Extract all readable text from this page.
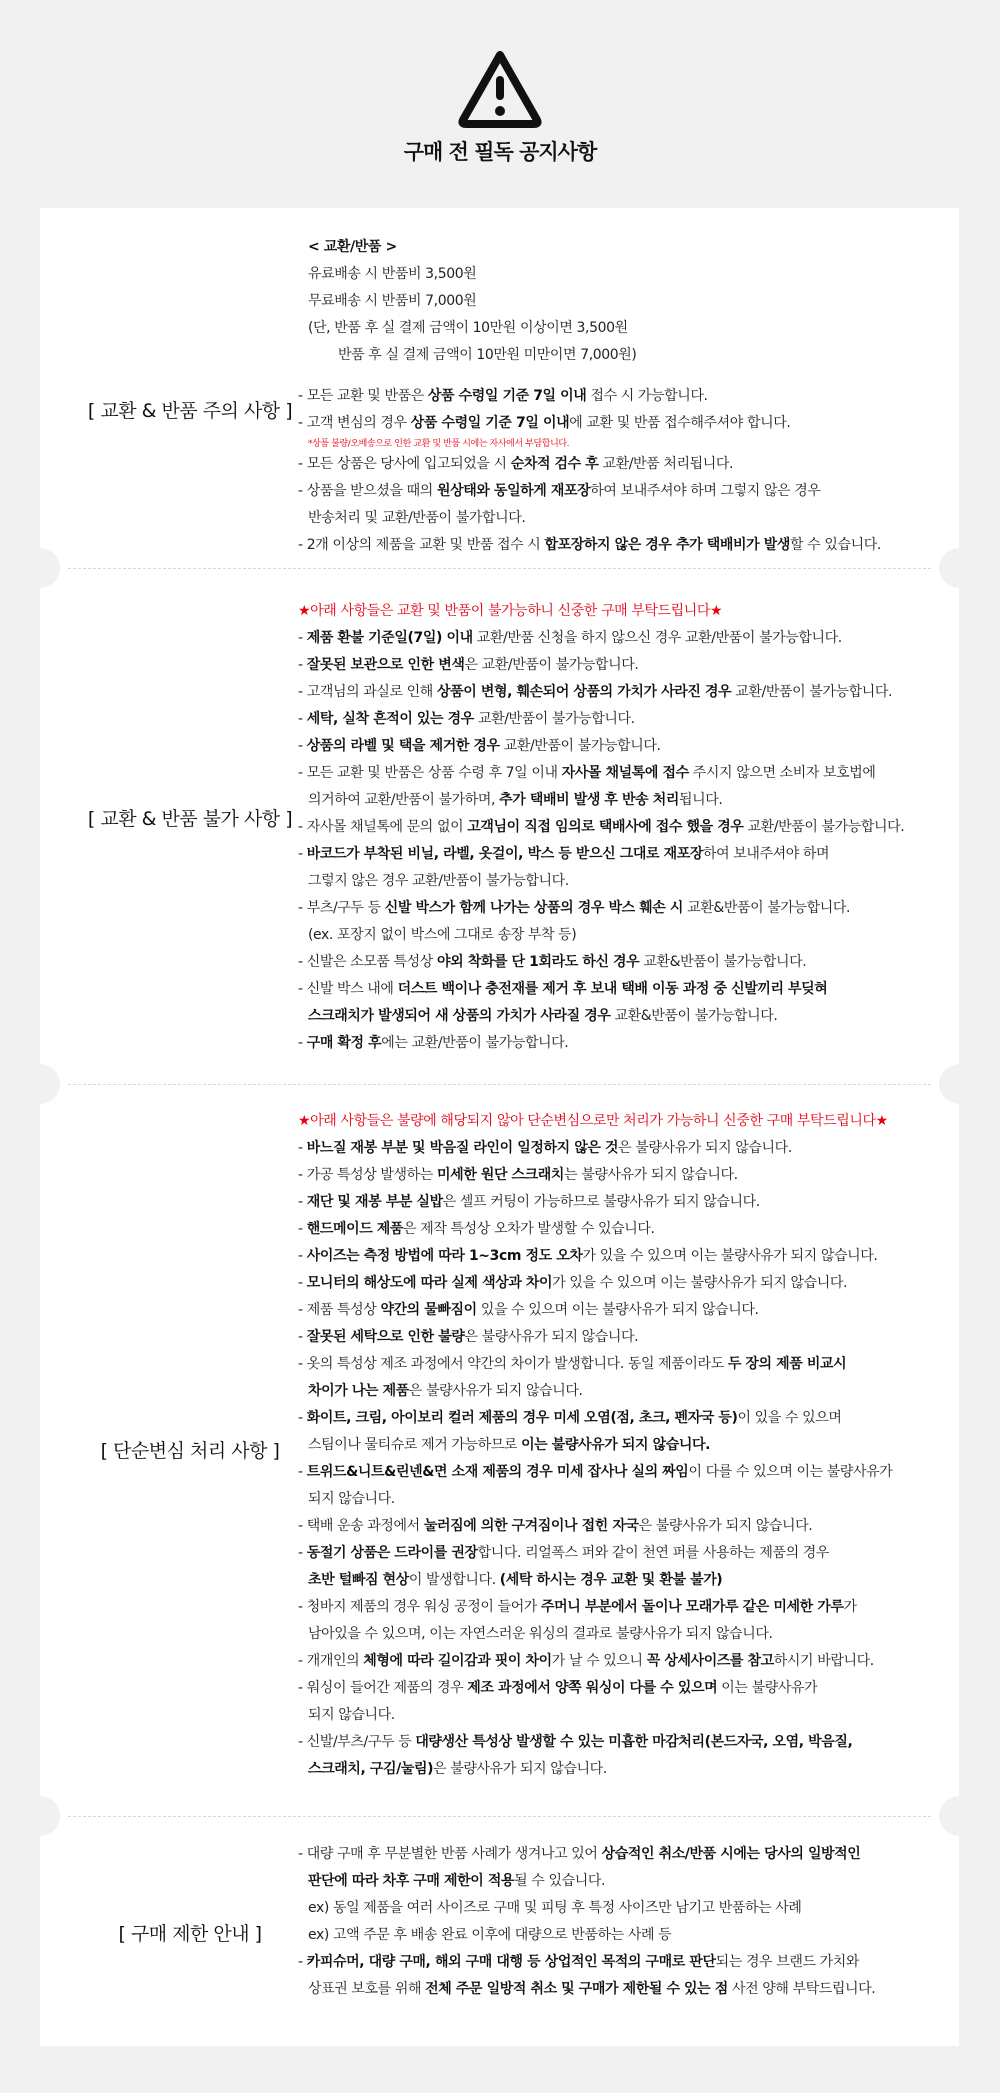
구매 전 필독 공지사항
[ 교환 & 반품 주의 사항 ]
< 교환/반품 >
유료배송 시 반품비 3,500원
무료배송 시 반품비 7,000원
(단, 반품 후 실 결제 금액이 10만원 이상이면 3,500원
반품 후 실 결제 금액이 10만원 미만이면 7,000원)
- 모든 교환 및 반품은 상품 수령일 기준 7일 이내 접수 시 가능합니다.
- 고객 변심의 경우 상품 수령일 기준 7일 이내에 교환 및 반품 접수해주셔야 합니다.
*상품 불량/오배송으로 인한 교환 및 반품 시에는 자사에서 부담합니다.
- 모든 상품은 당사에 입고되었을 시 순차적 검수 후 교환/반품 처리됩니다.
- 상품을 받으셨을 때의 원상태와 동일하게 재포장하여 보내주셔야 하며 그렇지 않은 경우
반송처리 및 교환/반품이 불가합니다.
- 2개 이상의 제품을 교환 및 반품 접수 시 합포장하지 않은 경우 추가 택배비가 발생할 수 있습니다.
[ 교환 & 반품 불가 사항 ]
★아래 사항들은 교환 및 반품이 불가능하니 신중한 구매 부탁드립니다★
- 제품 환불 기준일(7일) 이내 교환/반품 신청을 하지 않으신 경우 교환/반품이 불가능합니다.
- 잘못된 보관으로 인한 변색은 교환/반품이 불가능합니다.
- 고객님의 과실로 인해 상품이 변형, 훼손되어 상품의 가치가 사라진 경우 교환/반품이 불가능합니다.
- 세탁, 실착 흔적이 있는 경우 교환/반품이 불가능합니다.
- 상품의 라벨 및 택을 제거한 경우 교환/반품이 불가능합니다.
- 모든 교환 및 반품은 상품 수령 후 7일 이내 자사몰 채널톡에 접수 주시지 않으면 소비자 보호법에
의거하여 교환/반품이 불가하며, 추가 택배비 발생 후 반송 처리됩니다.
- 자사몰 채널톡에 문의 없이 고객님이 직접 임의로 택배사에 접수 했을 경우 교환/반품이 불가능합니다.
- 바코드가 부착된 비닐, 라벨, 옷걸이, 박스 등 받으신 그대로 재포장하여 보내주셔야 하며
그렇지 않은 경우 교환/반품이 불가능합니다.
- 부츠/구두 등 신발 박스가 함께 나가는 상품의 경우 박스 훼손 시 교환&반품이 불가능합니다.
(ex. 포장지 없이 박스에 그대로 송장 부착 등)
- 신발은 소모품 특성상 야외 착화를 단 1회라도 하신 경우 교환&반품이 불가능합니다.
- 신발 박스 내에 더스트 백이나 충전재를 제거 후 보내 택배 이동 과정 중 신발끼리 부딪혀
스크래치가 발생되어 새 상품의 가치가 사라질 경우 교환&반품이 불가능합니다.
- 구매 확정 후에는 교환/반품이 불가능합니다.
[ 단순변심 처리 사항 ]
★아래 사항들은 불량에 해당되지 않아 단순변심으로만 처리가 가능하니 신중한 구매 부탁드립니다★
- 바느질 재봉 부분 및 박음질 라인이 일정하지 않은 것은 불량사유가 되지 않습니다.
- 가공 특성상 발생하는 미세한 원단 스크래치는 불량사유가 되지 않습니다.
- 재단 및 재봉 부분 실밥은 셀프 커팅이 가능하므로 불량사유가 되지 않습니다.
- 핸드메이드 제품은 제작 특성상 오차가 발생할 수 있습니다.
- 사이즈는 측정 방법에 따라 1~3cm 정도 오차가 있을 수 있으며 이는 불량사유가 되지 않습니다.
- 모니터의 해상도에 따라 실제 색상과 차이가 있을 수 있으며 이는 불량사유가 되지 않습니다.
- 제품 특성상 약간의 물빠짐이 있을 수 있으며 이는 불량사유가 되지 않습니다.
- 잘못된 세탁으로 인한 불량은 불량사유가 되지 않습니다.
- 옷의 특성상 제조 과정에서 약간의 차이가 발생합니다. 동일 제품이라도 두 장의 제품 비교시
차이가 나는 제품은 불량사유가 되지 않습니다.
- 화이트, 크림, 아이보리 컬러 제품의 경우 미세 오염(점, 초크, 펜자국 등)이 있을 수 있으며
스팀이나 물티슈로 제거 가능하므로 이는 불량사유가 되지 않습니다.
- 트위드&니트&린넨&면 소재 제품의 경우 미세 잡사나 실의 짜임이 다를 수 있으며 이는 불량사유가
되지 않습니다.
- 택배 운송 과정에서 눌러짐에 의한 구겨짐이나 접힌 자국은 불량사유가 되지 않습니다.
- 동절기 상품은 드라이를 권장합니다. 리얼폭스 퍼와 같이 천연 퍼를 사용하는 제품의 경우
초반 털빠짐 현상이 발생합니다. (세탁 하시는 경우 교환 및 환불 불가)
- 청바지 제품의 경우 워싱 공정이 들어가 주머니 부분에서 돌이나 모래가루 같은 미세한 가루가
남아있을 수 있으며, 이는 자연스러운 워싱의 결과로 불량사유가 되지 않습니다.
- 개개인의 체형에 따라 길이감과 핏이 차이가 날 수 있으니 꼭 상세사이즈를 참고하시기 바랍니다.
- 워싱이 들어간 제품의 경우 제조 과정에서 양쪽 워싱이 다를 수 있으며 이는 불량사유가
되지 않습니다.
- 신발/부츠/구두 등 대량생산 특성상 발생할 수 있는 미흡한 마감처리(본드자국, 오염, 박음질,
스크래치, 구김/눌림)은 불량사유가 되지 않습니다.
[ 구매 제한 안내 ]
- 대량 구매 후 무분별한 반품 사례가 생겨나고 있어 상습적인 취소/반품 시에는 당사의 일방적인
판단에 따라 차후 구매 제한이 적용될 수 있습니다.
ex) 동일 제품을 여러 사이즈로 구매 및 피팅 후 특정 사이즈만 남기고 반품하는 사례
ex) 고액 주문 후 배송 완료 이후에 대량으로 반품하는 사례 등
- 카피슈머, 대량 구매, 해외 구매 대행 등 상업적인 목적의 구매로 판단되는 경우 브랜드 가치와
상표권 보호를 위해 전체 주문 일방적 취소 및 구매가 제한될 수 있는 점 사전 양해 부탁드립니다.
